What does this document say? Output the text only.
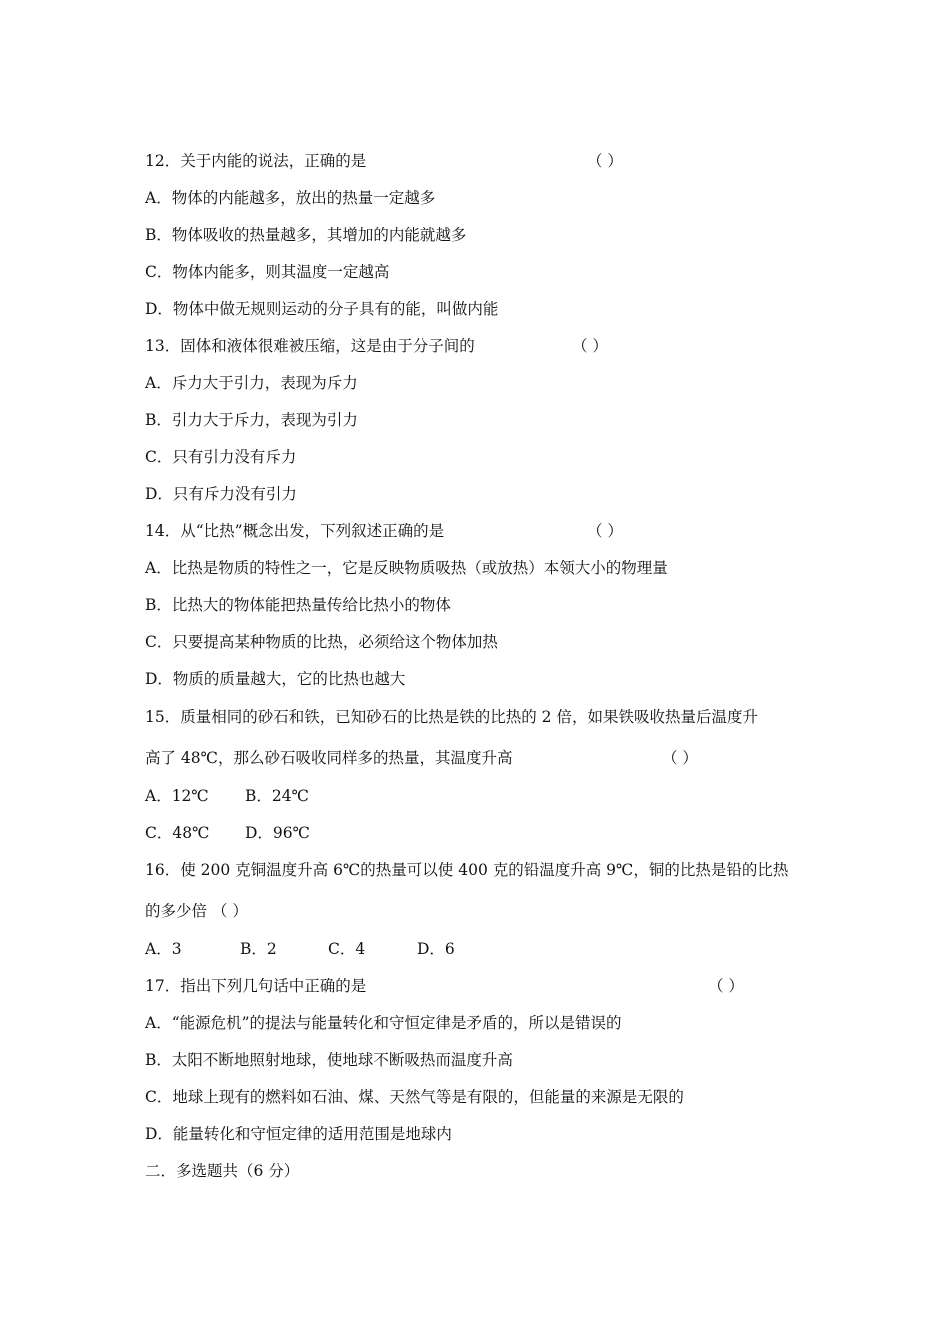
12．关于内能的说法，正确的是	（ ）
A．物体的内能越多，放出的热量一定越多
B．物体吸收的热量越多，其增加的内能就越多
C．物体内能多，则其温度一定越高
D．物体中做无规则运动的分子具有的能，叫做内能
13．固体和液体很难被压缩，这是由于分子间的	（ ）
A．斥力大于引力，表现为斥力
B．引力大于斥力，表现为引力
C．只有引力没有斥力
D．只有斥力没有引力
14．从“比热”概念出发，下列叙述正确的是	（ ）
A．比热是物质的特性之一，它是反映物质吸热（或放热）本领大小的物理量
B．比热大的物体能把热量传给比热小的物体
C．只要提高某种物质的比热，必须给这个物体加热
D．物质的质量越大，它的比热也越大
15．质量相同的砂石和铁，已知砂石的比热是铁的比热的 2 倍，如果铁吸收热量后温度升
高了 48℃，那么砂石吸收同样多的热量，其温度升高	（ ）
A．12℃ B．24℃
C．48℃ D．96℃
16．使 200 克铜温度升高 6℃的热量可以使 400 克的铅温度升高 9℃，铜的比热是铅的比热
的多少倍 （ ）
A．3	B．2	C．4	D．6
17．指出下列几句话中正确的是	（ ）
A．“能源危机”的提法与能量转化和守恒定律是矛盾的，所以是错误的
B．太阳不断地照射地球，使地球不断吸热而温度升高
C．地球上现有的燃料如石油、煤、天然气等是有限的，但能量的来源是无限的
D．能量转化和守恒定律的适用范围是地球内
二．多选题共（6 分）
